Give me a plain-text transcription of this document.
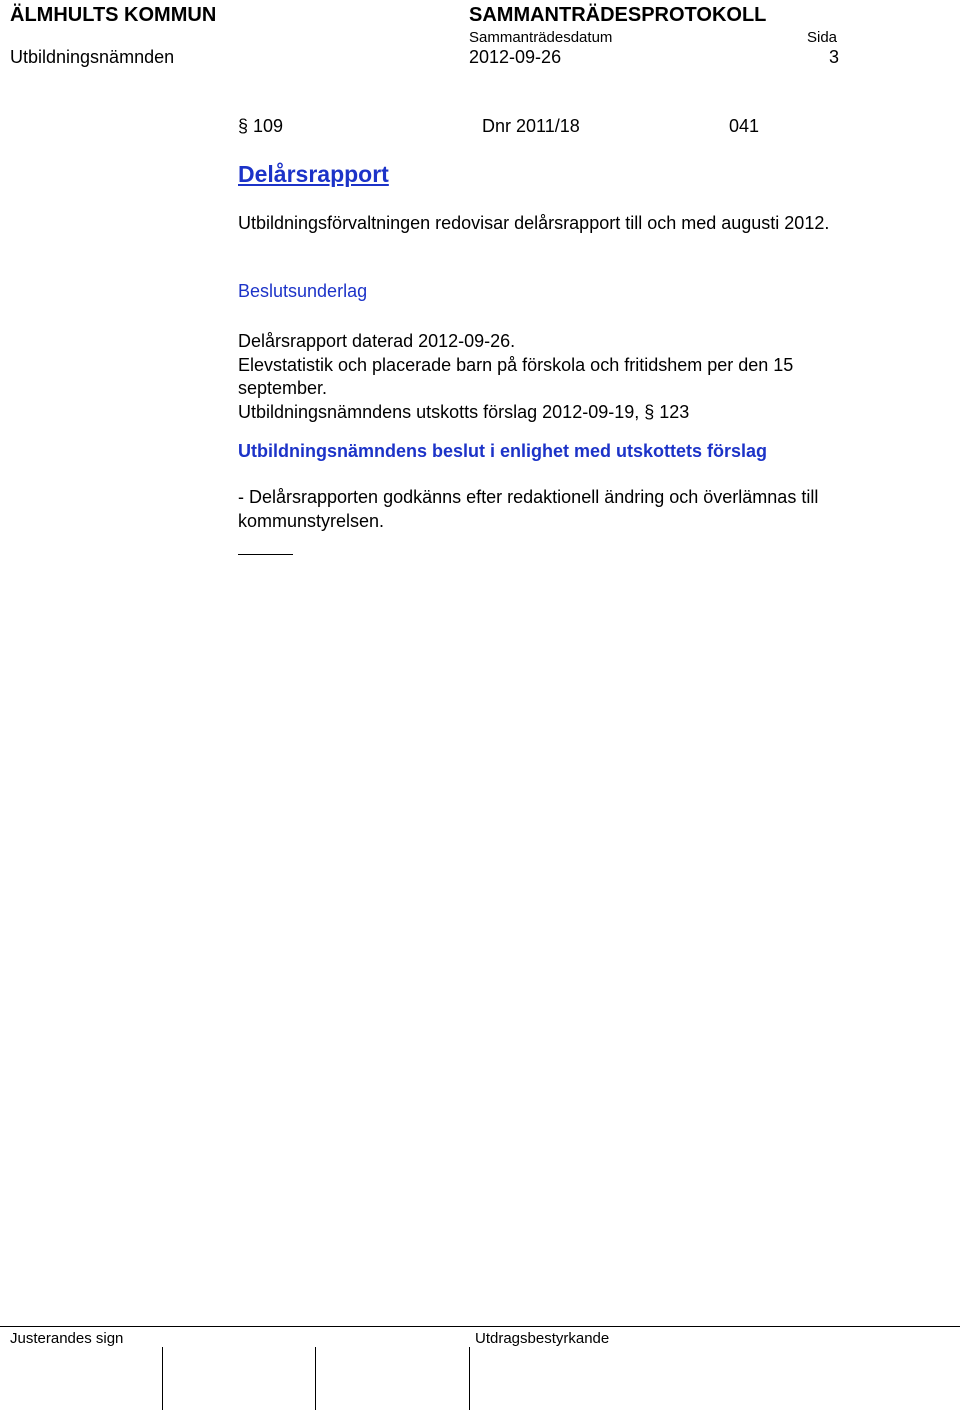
ÄLMHULTS KOMMUN	SAMMANTRÄDESPROTOKOLL
Sammanträdesdatum	Sida
Utbildningsnämnden	2012-09-26	3
§ 109	Dnr 2011/18	041
Delårsrapport
Utbildningsförvaltningen redovisar delårsrapport till och med augusti 2012.
Beslutsunderlag
Delårsrapport daterad 2012-09-26.
Elevstatistik och placerade barn på förskola och fritidshem per den 15 september.
Utbildningsnämndens utskotts förslag 2012-09-19, § 123
Utbildningsnämndens beslut i enlighet med utskottets förslag
- Delårsrapporten godkänns efter redaktionell ändring och överlämnas till kommunstyrelsen.
Justerandes sign	Utdragsbestyrkande
